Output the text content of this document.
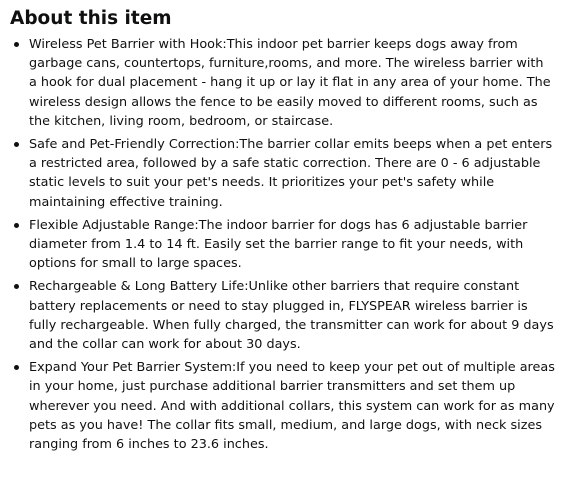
About this item
Wireless Pet Barrier with Hook:This indoor pet barrier keeps dogs away from garbage cans, countertops, furniture,rooms, and more. The wireless barrier with a hook for dual placement - hang it up or lay it flat in any area of your home. The wireless design allows the fence to be easily moved to different rooms, such as the kitchen, living room, bedroom, or staircase.
Safe and Pet-Friendly Correction:The barrier collar emits beeps when a pet enters a restricted area, followed by a safe static correction. There are 0 - 6 adjustable static levels to suit your pet's needs. It prioritizes your pet's safety while maintaining effective training.
Flexible Adjustable Range:The indoor barrier for dogs has 6 adjustable barrier diameter from 1.4 to 14 ft. Easily set the barrier range to fit your needs, with options for small to large spaces.
Rechargeable & Long Battery Life:Unlike other barriers that require constant battery replacements or need to stay plugged in, FLYSPEAR wireless barrier is fully rechargeable. When fully charged, the transmitter can work for about 9 days and the collar can work for about 30 days.
Expand Your Pet Barrier System:If you need to keep your pet out of multiple areas in your home, just purchase additional barrier transmitters and set them up wherever you need. And with additional collars, this system can work for as many pets as you have! The collar fits small, medium, and large dogs, with neck sizes ranging from 6 inches to 23.6 inches.
